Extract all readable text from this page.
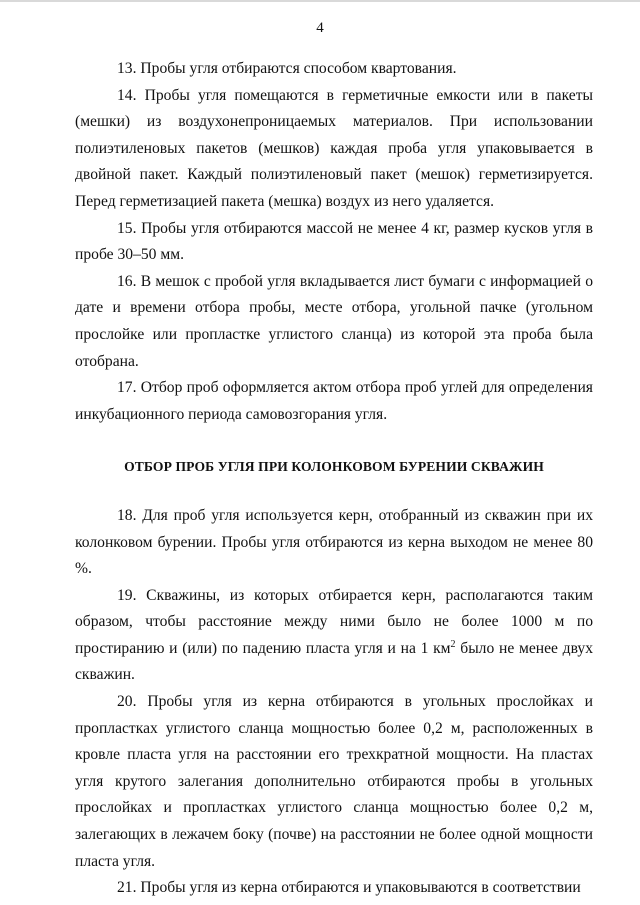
4

13. Пробы угля отбираются способом квартования.

14. Пробы угля помещаются в герметичные емкости или в пакеты (мешки) из воздухонепроницаемых материалов. При использовании полиэтиленовых пакетов (мешков) каждая проба угля упаковывается в двойной пакет. Каждый полиэтиленовый пакет (мешок) герметизируется. Перед герметизацией пакета (мешка) воздух из него удаляется.

15. Пробы угля отбираются массой не менее 4 кг, размер кусков угля в пробе 30–50 мм.

16. В мешок с пробой угля вкладывается лист бумаги с информацией о дате и времени отбора пробы, месте отбора, угольной пачке (угольном прослойке или пропластке углистого сланца) из которой эта проба была отобрана.

17. Отбор проб оформляется актом отбора проб углей для определения инкубационного периода самовозгорания угля.

ОТБОР ПРОБ УГЛЯ ПРИ КОЛОНКОВОМ БУРЕНИИ СКВАЖИН

18. Для проб угля используется керн, отобранный из скважин при их колонковом бурении. Пробы угля отбираются из керна выходом не менее 80 %.

19. Скважины, из которых отбирается керн, располагаются таким образом, чтобы расстояние между ними было не более 1000 м по простиранию и (или) по падению пласта угля и на 1 $км^2$ было не менее двух скважин.

20. Пробы угля из керна отбираются в угольных прослойках и пропластках углистого сланца мощностью более 0,2 м, расположенных в кровле пласта угля на расстоянии его трехкратной мощности. На пластах угля крутого залегания дополнительно отбираются пробы в угольных прослойках и пропластках углистого сланца мощностью более 0,2 м, залегающих в лежачем боку (почве) на расстоянии не более одной мощности пласта угля.

21. Пробы угля из керна отбираются и упаковываются в соответствии
